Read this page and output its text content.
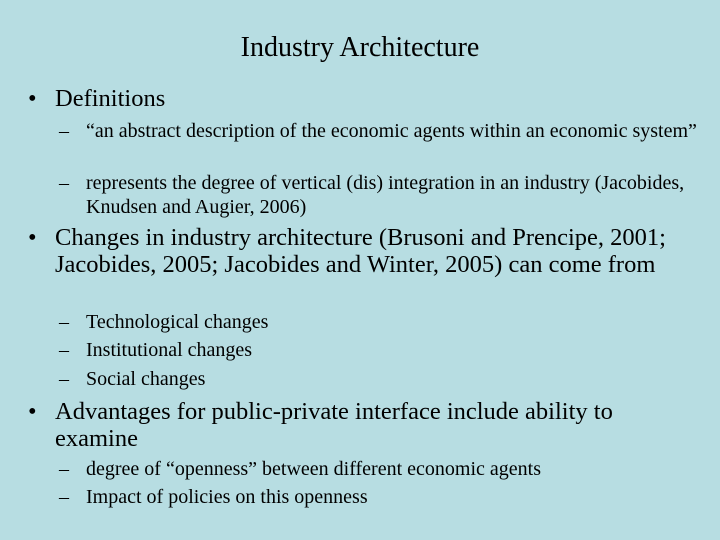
Industry Architecture
• Definitions
– “an abstract description of the economic agents within an economic system”
– represents the degree of vertical (dis) integration in an industry (Jacobides, Knudsen and Augier, 2006)
• Changes in industry architecture (Brusoni and Prencipe, 2001; Jacobides, 2005; Jacobides and Winter, 2005) can come from
– Technological changes
– Institutional changes
– Social changes
• Advantages for public-private interface include ability to examine
– degree of “openness” between different economic agents
– Impact of policies on this openness
